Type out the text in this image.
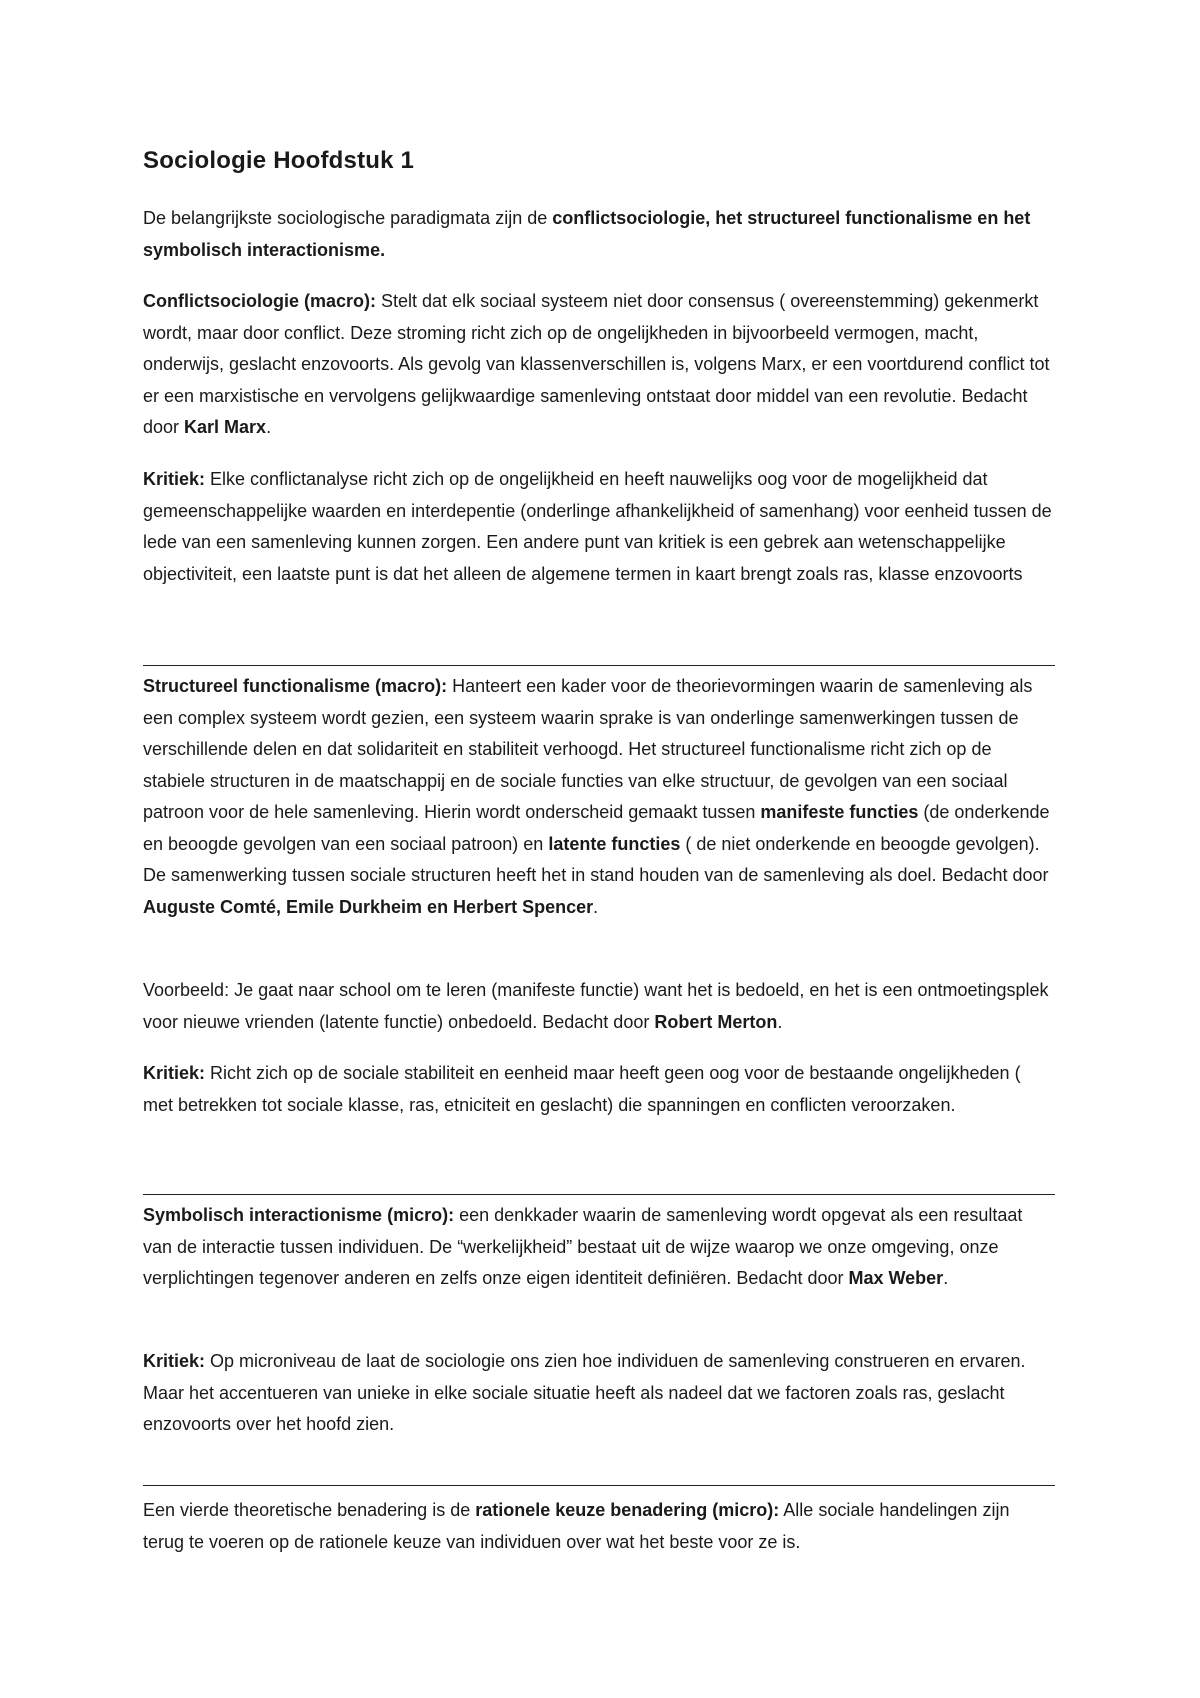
Sociologie Hoofdstuk 1

De belangrijkste sociologische paradigmata zijn de conflictsociologie, het structureel functionalisme en het symbolisch interactionisme.

Conflictsociologie (macro): Stelt dat elk sociaal systeem niet door consensus ( overeenstemming) gekenmerkt wordt, maar door conflict. Deze stroming richt zich op de ongelijkheden in bijvoorbeeld vermogen, macht, onderwijs, geslacht enzovoorts. Als gevolg van klassenverschillen is, volgens Marx, er een voortdurend conflict tot er een marxistische en vervolgens gelijkwaardige samenleving ontstaat door middel van een revolutie. Bedacht door Karl Marx.

Kritiek: Elke conflictanalyse richt zich op de ongelijkheid en heeft nauwelijks oog voor de mogelijkheid dat gemeenschappelijke waarden en interdepentie (onderlinge afhankelijkheid of samenhang) voor eenheid tussen de lede van een samenleving kunnen zorgen. Een andere punt van kritiek is een gebrek aan wetenschappelijke objectiviteit, een laatste punt is dat het alleen de algemene termen in kaart brengt zoals ras, klasse enzovoorts

Structureel functionalisme (macro): Hanteert een kader voor de theorievormingen waarin de samenleving als een complex systeem wordt gezien, een systeem waarin sprake is van onderlinge samenwerkingen tussen de verschillende delen en dat solidariteit en stabiliteit verhoogd. Het structureel functionalisme richt zich op de stabiele structuren in de maatschappij en de sociale functies van elke structuur, de gevolgen van een sociaal patroon voor de hele samenleving. Hierin wordt onderscheid gemaakt tussen manifeste functies (de onderkende en beoogde gevolgen van een sociaal patroon) en latente functies ( de niet onderkende en beoogde gevolgen). De samenwerking tussen sociale structuren heeft het in stand houden van de samenleving als doel. Bedacht door Auguste Comté, Emile Durkheim en Herbert Spencer.

Voorbeeld: Je gaat naar school om te leren (manifeste functie) want het is bedoeld, en het is een ontmoetingsplek voor nieuwe vrienden (latente functie) onbedoeld. Bedacht door Robert Merton.

Kritiek: Richt zich op de sociale stabiliteit en eenheid maar heeft geen oog voor de bestaande ongelijkheden ( met betrekken tot sociale klasse, ras, etniciteit en geslacht) die spanningen en conflicten veroorzaken.

Symbolisch interactionisme (micro): een denkkader waarin de samenleving wordt opgevat als een resultaat van de interactie tussen individuen. De “werkelijkheid” bestaat uit de wijze waarop we onze omgeving, onze verplichtingen tegenover anderen en zelfs onze eigen identiteit definiëren. Bedacht door Max Weber.

Kritiek: Op microniveau de laat de sociologie ons zien hoe individuen de samenleving construeren en ervaren. Maar het accentueren van unieke in elke sociale situatie heeft als nadeel dat we factoren zoals ras, geslacht enzovoorts over het hoofd zien.

Een vierde theoretische benadering is de rationele keuze benadering (micro): Alle sociale handelingen zijn terug te voeren op de rationele keuze van individuen over wat het beste voor ze is.
